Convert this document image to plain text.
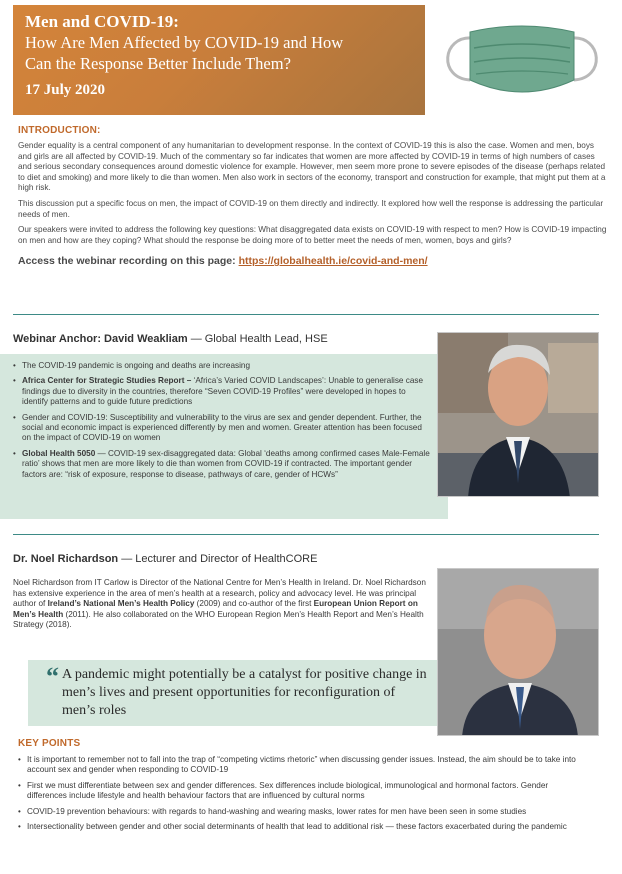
Men and COVID-19:
How Are Men Affected by COVID-19 and How
Can the Response Better Include Them?
17 July 2020
INTRODUCTION:

Gender equality is a central component of any humanitarian to development response. In the context of COVID-19 this is also the case. Women and men, boys and girls are all affected by COVID-19. Much of the commentary so far indicates that women are more affected by COVID-19 in terms of high numbers of cases and serious secondary consequences around domestic violence for example. However, men seem more prone to severe episodes of the disease (perhaps related to diet and smoking) and more likely to die than women. Men also work in sectors of the economy, transport and construction for example, that might put them at a high risk.

This discussion put a specific focus on men, the impact of COVID-19 on them directly and indirectly. It explored how well the response is addressing the particular needs of men.

Our speakers were invited to address the following key questions: What disaggregated data exists on COVID-19 with respect to men? How is COVID-19 impacting on men and how are they coping? What should the response be doing more of to better meet the needs of men, women, boys and girls?

Access the webinar recording on this page: https://globalhealth.ie/covid-and-men/
Webinar Anchor: David Weakliam — Global Health Lead, HSE
• The COVID-19 pandemic is ongoing and deaths are increasing
• Africa Center for Strategic Studies Report – ‘Africa’s Varied COVID Landscapes’: Unable to generalise case findings due to diversity in the countries, therefore “Seven COVID-19 Profiles” were developed in hopes to identify patterns and to guide future predictions
• Gender and COVID-19: Susceptibility and vulnerability to the virus are sex and gender dependent. Further, the social and economic impact is experienced differently by men and women. Greater attention has been focused on the impact of COVID-19 on women
• Global Health 5050 — COVID-19 sex-disaggregated data: Global ‘deaths among confirmed cases Male-Female ratio’ shows that men are more likely to die than women from COVID-19 if contracted. The important gender factors are: “risk of exposure, response to disease, pathways of care, gender of HCWs”
Dr. Noel Richardson — Lecturer and Director of HealthCORE
Noel Richardson from IT Carlow is Director of the National Centre for Men’s Health in Ireland. Dr. Noel Richardson has extensive experience in the area of men’s health at a research, policy and advocacy level. He was principal author of Ireland’s National Men’s Health Policy (2009) and co-author of the first European Union Report on Men’s Health (2011). He also collaborated on the WHO European Region Men’s Health Report and Men’s Health Strategy (2018).
“ A pandemic might potentially be a catalyst for positive change in men’s lives and present opportunities for reconfiguration of men’s roles
KEY POINTS
• It is important to remember not to fall into the trap of “competing victims rhetoric” when discussing gender issues. Instead, the aim should be to take into account sex and gender when responding to COVID-19
• First we must differentiate between sex and gender differences. Sex differences include biological, immunological and hormonal factors. Gender differences include lifestyle and health behaviour factors that are influenced by cultural norms
• COVID-19 prevention behaviours: with regards to hand-washing and wearing masks, lower rates for men have been seen in some studies
• Intersectionality between gender and other social determinants of health that lead to additional risk — these factors exacerbated during the pandemic
